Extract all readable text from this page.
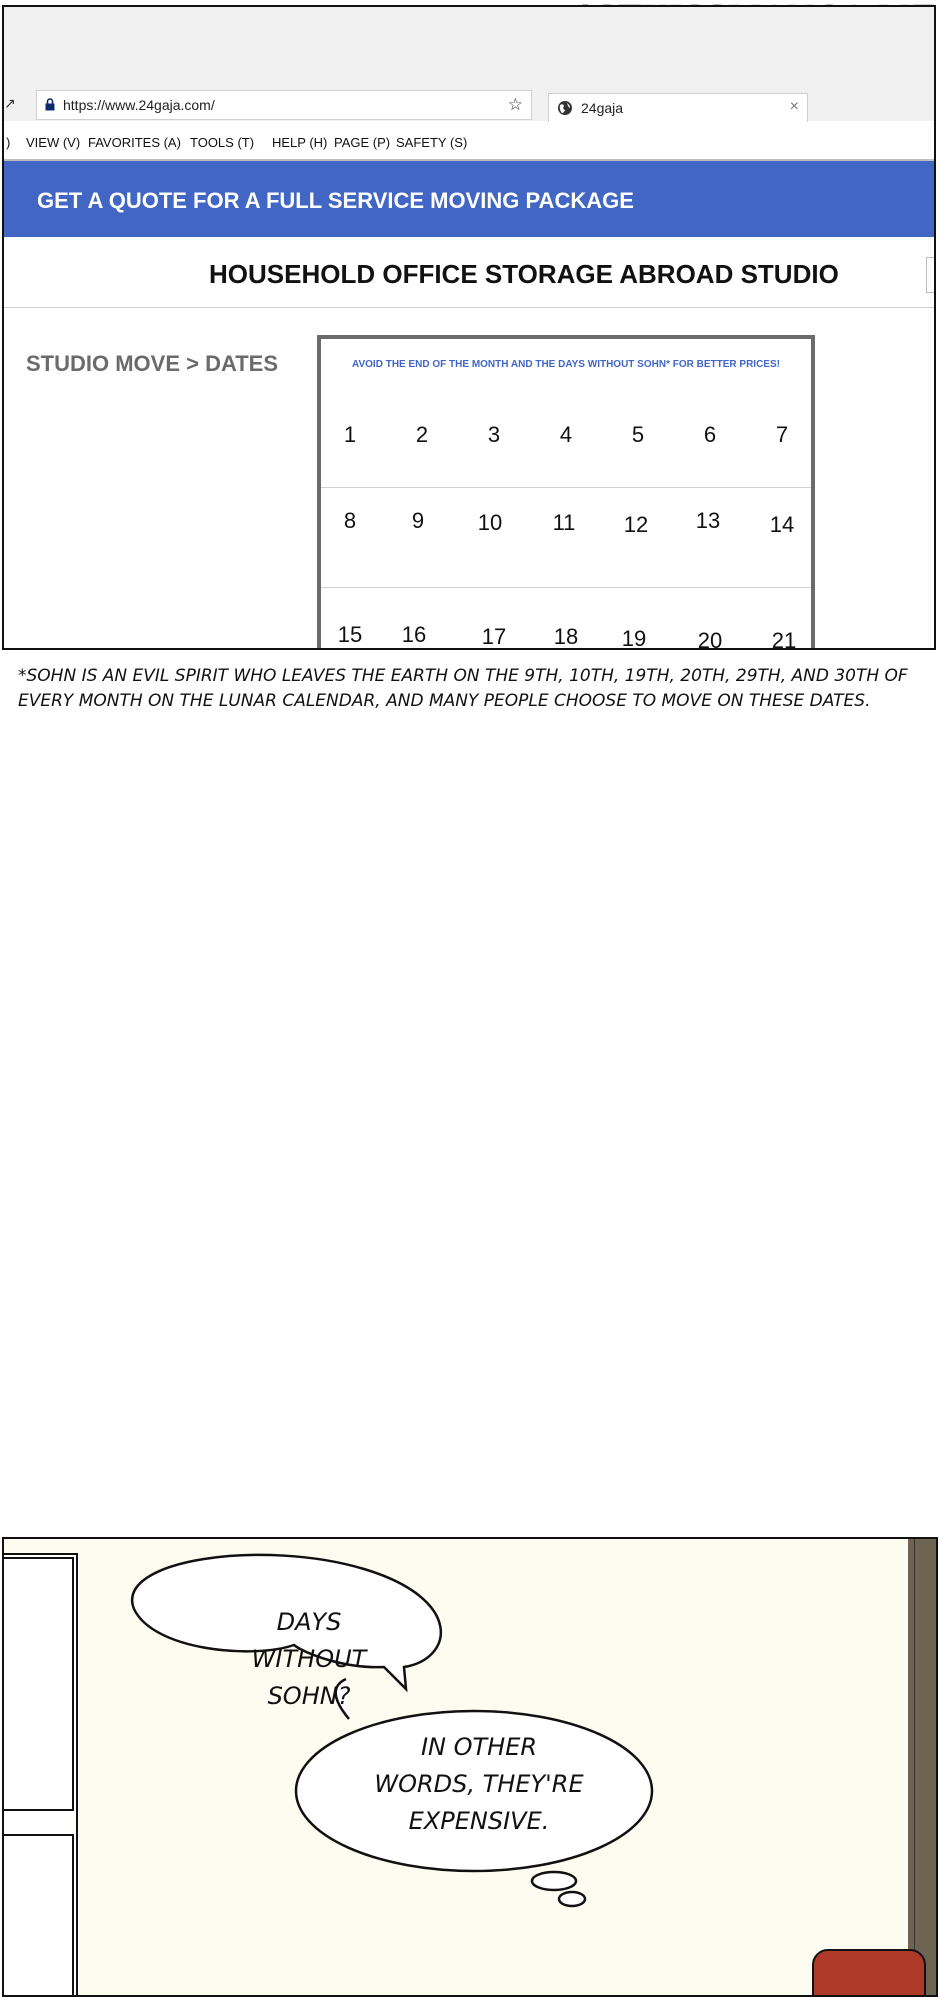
↗	https://www.24gaja.com/	☆	24gaja	×
) VIEW (V) FAVORITES (A) TOOLS (T) HELP (H) PAGE (P) SAFETY (S)
GET A QUOTE FOR A FULL SERVICE MOVING PACKAGE
HOUSEHOLD OFFICE STORAGE ABROAD STUDIO
STUDIO MOVE > DATES	AVOID THE END OF THE MONTH AND THE DAYS WITHOUT SOHN* FOR BETTER PRICES!
1	2	3	4	5	6	7
8	9	10	11	12	13	14
15	16	17	18	19	20	21
*SOHN IS AN EVIL SPIRIT WHO LEAVES THE EARTH ON THE 9TH, 10TH, 19TH, 20TH, 29TH, AND 30TH OF EVERY MONTH ON THE LUNAR CALENDAR, AND MANY PEOPLE CHOOSE TO MOVE ON THESE DATES.
DAYS
WITHOUT
SOHN?
IN OTHER
WORDS, THEY'RE
EXPENSIVE.
